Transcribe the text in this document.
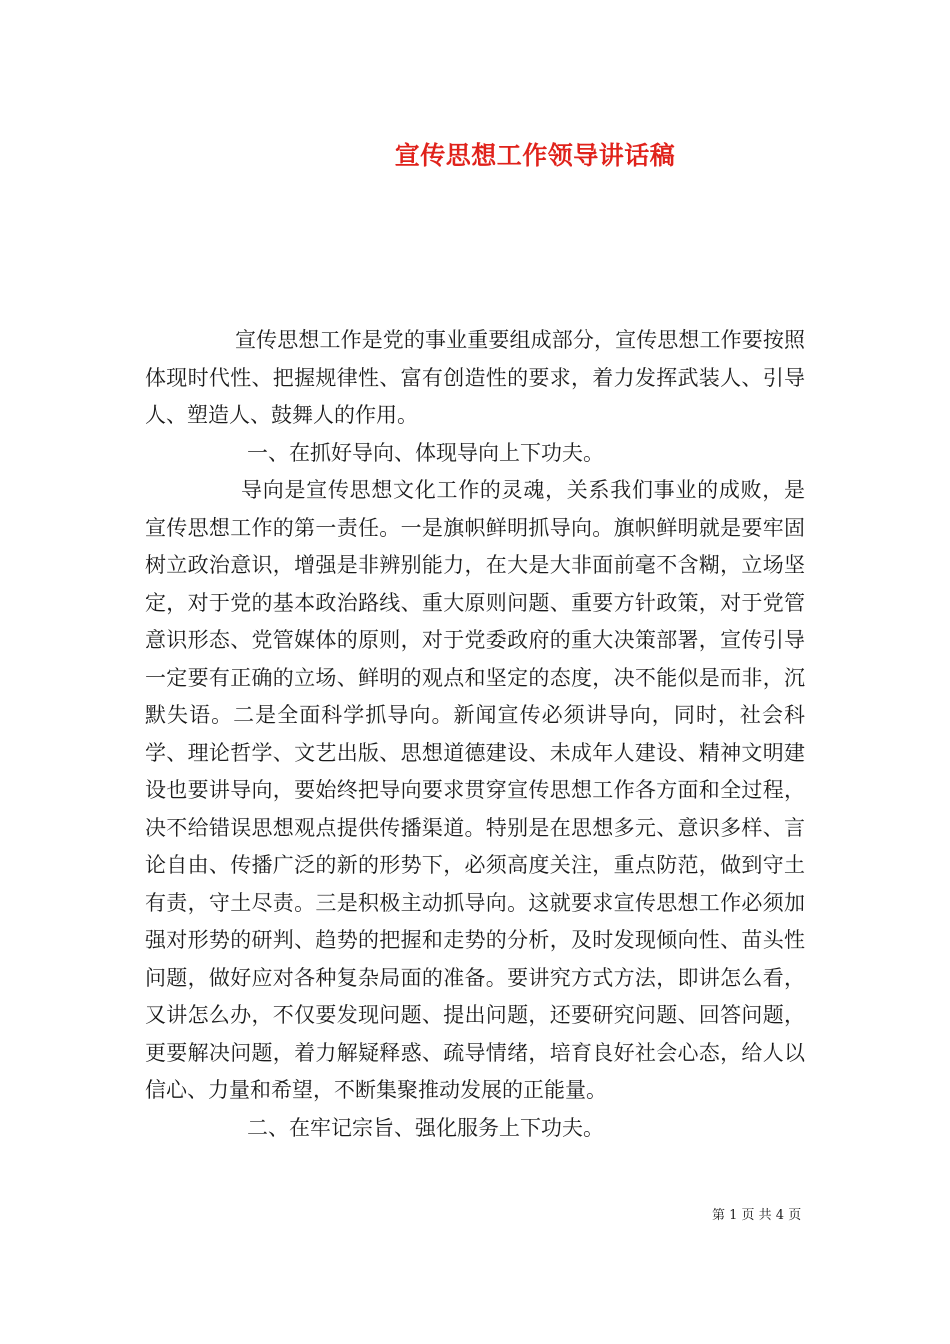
宣传思想工作领导讲话稿

宣传思想工作是党的事业重要组成部分，宣传思想工作要按照体现时代性、把握规律性、富有创造性的要求，着力发挥武装人、引导人、塑造人、鼓舞人的作用。

一、在抓好导向、体现导向上下功夫。

导向是宣传思想文化工作的灵魂，关系我们事业的成败，是宣传思想工作的第一责任。一是旗帜鲜明抓导向。旗帜鲜明就是要牢固树立政治意识，增强是非辨别能力，在大是大非面前毫不含糊，立场坚定，对于党的基本政治路线、重大原则问题、重要方针政策，对于党管意识形态、党管媒体的原则，对于党委政府的重大决策部署，宣传引导一定要有正确的立场、鲜明的观点和坚定的态度，决不能似是而非，沉默失语。二是全面科学抓导向。新闻宣传必须讲导向，同时，社会科学、理论哲学、文艺出版、思想道德建设、未成年人建设、精神文明建设也要讲导向，要始终把导向要求贯穿宣传思想工作各方面和全过程，决不给错误思想观点提供传播渠道。特别是在思想多元、意识多样、言论自由、传播广泛的新的形势下，必须高度关注，重点防范，做到守土有责，守土尽责。三是积极主动抓导向。这就要求宣传思想工作必须加强对形势的研判、趋势的把握和走势的分析，及时发现倾向性、苗头性问题，做好应对各种复杂局面的准备。要讲究方式方法，即讲怎么看，又讲怎么办，不仅要发现问题、提出问题，还要研究问题、回答问题，更要解决问题，着力解疑释惑、疏导情绪，培育良好社会心态，给人以信心、力量和希望，不断集聚推动发展的正能量。

二、在牢记宗旨、强化服务上下功夫。

第 1 页 共 4 页
